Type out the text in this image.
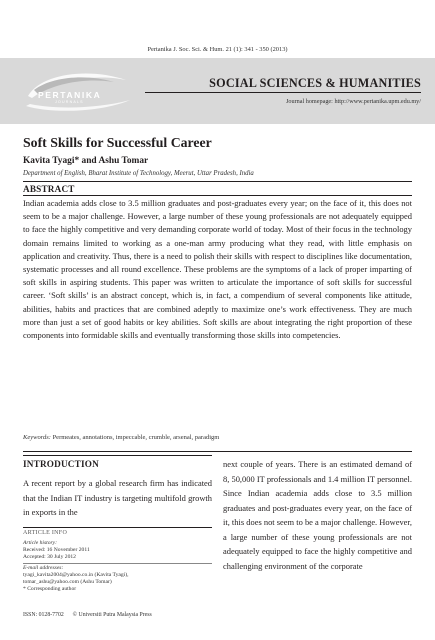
Pertanika J. Soc. Sci. & Hum. 21 (1): 341 - 350 (2013)
PERTANIKA
JOURNALS
SOCIAL SCIENCES & HUMANITIES
Journal homepage: http://www.pertanika.upm.edu.my/
Soft Skills for Successful Career
Kavita Tyagi* and Ashu Tomar
Department of English, Bharat Institute of Technology, Meerut, Uttar Pradesh, India
ABSTRACT
Indian academia adds close to 3.5 million graduates and post-graduates every year; on the face of it, this does not seem to be a major challenge. However, a large number of these young professionals are not adequately equipped to face the highly competitive and very demanding corporate world of today. Most of their focus in the technology domain remains limited to working as a one-man army producing what they read, with little emphasis on application and creativity. Thus, there is a need to polish their skills with respect to disciplines like documentation, systematic processes and all round excellence. These problems are the symptoms of a lack of proper imparting of soft skills in aspiring students. This paper was written to articulate the importance of soft skills for successful career. ‘Soft skills’ is an abstract concept, which is, in fact, a compendium of several components like attitude, abilities, habits and practices that are combined adeptly to maximize one’s work effectiveness. They are much more than just a set of good habits or key abilities. Soft skills are about integrating the right proportion of these components into formidable skills and eventually transforming those skills into competencies.
Keywords: Permeates, annotations, impeccable, crumble, arsenal, paradigm
INTRODUCTION
A recent report by a global research firm has indicated that the Indian IT industry is targeting multifold growth in exports in the
ARTICLE INFO
Article history:
Received: 16 November 2011
Accepted: 30 July 2012
E-mail addresses:
tyagi_kavita2004@yahoo.co.in (Kavita Tyagi),
tomar_ashu@yahoo.com (Ashu Tomar)
* Corresponding author
next couple of years. There is an estimated demand of 8, 50,000 IT professionals and 1.4 million IT personnel. Since Indian academia adds close to 3.5 million graduates and post-graduates every year, on the face of it, this does not seem to be a major challenge. However, a large number of these young professionals are not adequately equipped to face the highly competitive and challenging environment of the corporate
ISSN: 0128-7702 © Universiti Putra Malaysia Press
